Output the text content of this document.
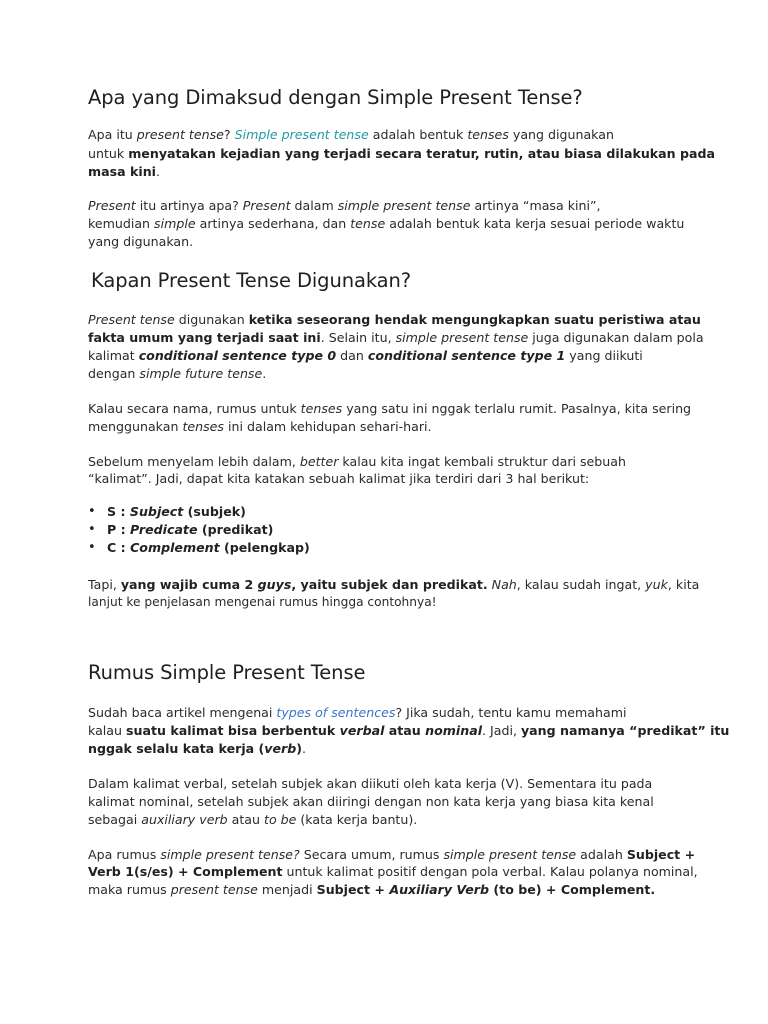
Apa yang Dimaksud dengan Simple Present Tense?

Apa itu present tense? Simple present tense adalah bentuk tenses yang digunakan

untuk menyatakan kejadian yang terjadi secara teratur, rutin, atau biasa dilakukan pada

masa kini.

Present itu artinya apa? Present dalam simple present tense artinya “masa kini”,

kemudian simple artinya sederhana, dan tense adalah bentuk kata kerja sesuai periode waktu

yang digunakan.

Kapan Present Tense Digunakan?

Present tense digunakan ketika seseorang hendak mengungkapkan suatu peristiwa atau

fakta umum yang terjadi saat ini. Selain itu, simple present tense juga digunakan dalam pola

kalimat conditional sentence type 0 dan conditional sentence type 1 yang diikuti

dengan simple future tense.

Kalau secara nama, rumus untuk tenses yang satu ini nggak terlalu rumit. Pasalnya, kita sering

menggunakan tenses ini dalam kehidupan sehari-hari.

Sebelum menyelam lebih dalam, better kalau kita ingat kembali struktur dari sebuah

“kalimat”. Jadi, dapat kita katakan sebuah kalimat jika terdiri dari 3 hal berikut:

• S : Subject (subjek)
• P : Predicate (predikat)
• C : Complement (pelengkap)

Tapi, yang wajib cuma 2 guys, yaitu subjek dan predikat. Nah, kalau sudah ingat, yuk, kita

lanjut ke penjelasan mengenai rumus hingga contohnya!

Rumus Simple Present Tense

Sudah baca artikel mengenai types of sentences? Jika sudah, tentu kamu memahami

kalau suatu kalimat bisa berbentuk verbal atau nominal. Jadi, yang namanya “predikat” itu

nggak selalu kata kerja (verb).

Dalam kalimat verbal, setelah subjek akan diikuti oleh kata kerja (V). Sementara itu pada

kalimat nominal, setelah subjek akan diiringi dengan non kata kerja yang biasa kita kenal

sebagai auxiliary verb atau to be (kata kerja bantu).

Apa rumus simple present tense? Secara umum, rumus simple present tense adalah Subject +

Verb 1(s/es) + Complement untuk kalimat positif dengan pola verbal. Kalau polanya nominal,

maka rumus present tense menjadi Subject + Auxiliary Verb (to be) + Complement.
